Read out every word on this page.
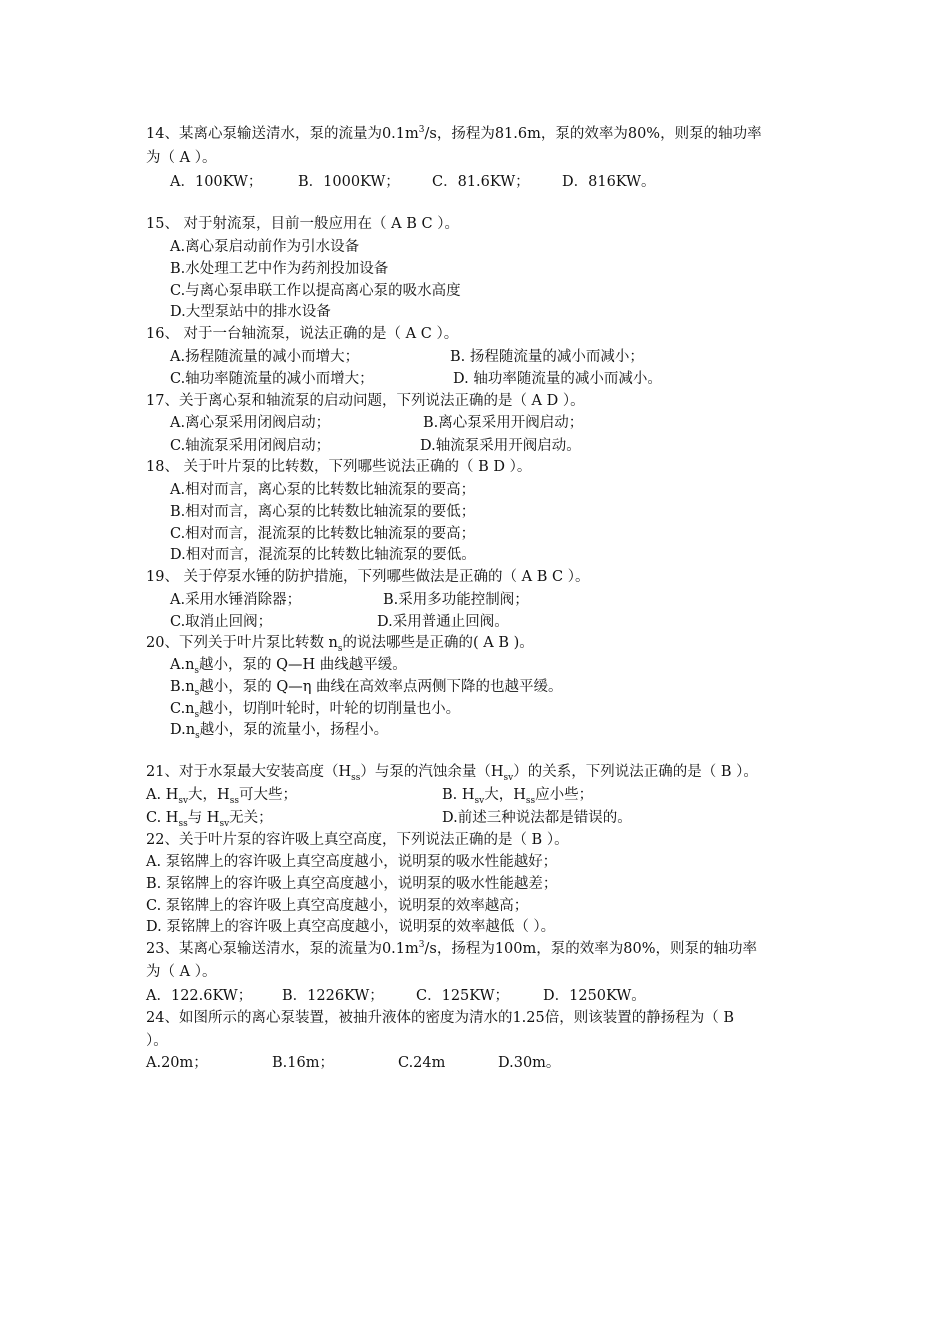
14、某离心泵输送清水，泵的流量为$0.1m^3/s$，扬程为81.6m，泵的效率为80%，则泵的轴功率
为（ A ）。
A．100KW； B．1000KW； C．81.6KW； D．816KW。
15、 对于射流泵，目前一般应用在（ A B C ）。
A.离心泵启动前作为引水设备
B.水处理工艺中作为药剂投加设备
C.与离心泵串联工作以提高离心泵的吸水高度
D.大型泵站中的排水设备
16、 对于一台轴流泵，说法正确的是（ A C ）。
A.扬程随流量的减小而增大；	B. 扬程随流量的减小而减小；
C.轴功率随流量的减小而增大；	D. 轴功率随流量的减小而减小。
17、关于离心泵和轴流泵的启动问题，下列说法正确的是（ A D ）。
A.离心泵采用闭阀启动；	B.离心泵采用开阀启动；
C.轴流泵采用闭阀启动；	D.轴流泵采用开阀启动。
18、 关于叶片泵的比转数，下列哪些说法正确的（ B D ）。
A.相对而言，离心泵的比转数比轴流泵的要高；
B.相对而言，离心泵的比转数比轴流泵的要低；
C.相对而言，混流泵的比转数比轴流泵的要高；
D.相对而言，混流泵的比转数比轴流泵的要低。
19、 关于停泵水锤的防护措施，下列哪些做法是正确的（ A B C ）。
A.采用水锤消除器；	B.采用多功能控制阀；
C.取消止回阀；	D.采用普通止回阀。
20、下列关于叶片泵比转数 $n_s$的说法哪些是正确的( A B )。
$A.n_s$越小，泵的 Q—H 曲线越平缓。
$B.n_s$越小，泵的 Q—η 曲线在高效率点两侧下降的也越平缓。
$C.n_s$越小，切削叶轮时，叶轮的切削量也小。
$D.n_s$越小，泵的流量小，扬程小。
21、对于水泵最大安装高度$(H_{ss})$与泵的汽蚀余量$(H_{sv})$的关系，下列说法正确的是（ B ）。
A. $H_{sv}$大，$H_{ss}$可大些；	B. $H_{sv}$大，$H_{ss}$应小些；
C. $H_{ss}$与 $H_{sv}$无关；	D.前述三种说法都是错误的。
22、关于叶片泵的容许吸上真空高度，下列说法正确的是（ B ）。
A. 泵铭牌上的容许吸上真空高度越小，说明泵的吸水性能越好；
B. 泵铭牌上的容许吸上真空高度越小，说明泵的吸水性能越差；
C. 泵铭牌上的容许吸上真空高度越小，说明泵的效率越高；
D. 泵铭牌上的容许吸上真空高度越小，说明泵的效率越低（ ）。
23、某离心泵输送清水，泵的流量为$0.1m^3/s$，扬程为100m，泵的效率为80%，则泵的轴功率
为（ A ）。
A．122.6KW； B．1226KW； C．125KW； D．1250KW。
24、如图所示的离心泵装置，被抽升液体的密度为清水的1.25倍，则该装置的静扬程为（ B
）。
A.20m；	B.16m；	C.24m	D.30m。
